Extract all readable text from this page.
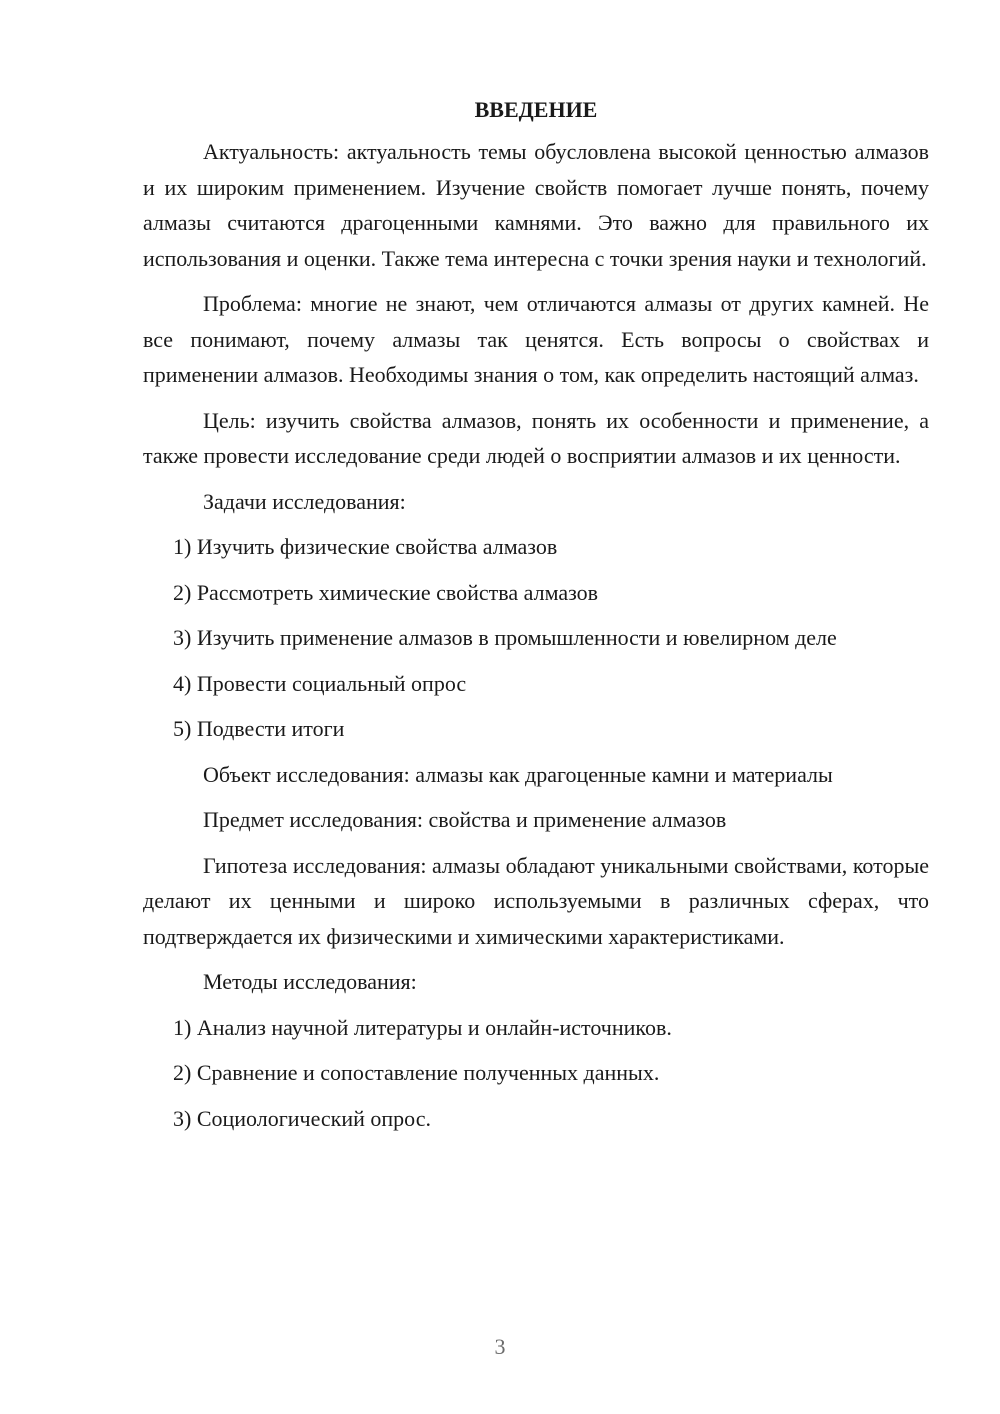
ВВЕДЕНИЕ

Актуальность: актуальность темы обусловлена высокой ценностью алмазов и их широким применением. Изучение свойств помогает лучше понять, почему алмазы считаются драгоценными камнями. Это важно для правильного их использования и оценки. Также тема интересна с точки зрения науки и технологий.

Проблема: многие не знают, чем отличаются алмазы от других камней. Не все понимают, почему алмазы так ценятся. Есть вопросы о свойствах и применении алмазов. Необходимы знания о том, как определить настоящий алмаз.

Цель: изучить свойства алмазов, понять их особенности и применение, а также провести исследование среди людей о восприятии алмазов и их ценности.

Задачи исследования:
1) Изучить физические свойства алмазов
2) Рассмотреть химические свойства алмазов
3) Изучить применение алмазов в промышленности и ювелирном деле
4) Провести социальный опрос
5) Подвести итоги
Объект исследования: алмазы как драгоценные камни и материалы
Предмет исследования: свойства и применение алмазов

Гипотеза исследования: алмазы обладают уникальными свойствами, которые делают их ценными и широко используемыми в различных сферах, что подтверждается их физическими и химическими характеристиками.

Методы исследования:
1) Анализ научной литературы и онлайн-источников.
2) Сравнение и сопоставление полученных данных.
3) Социологический опрос.
3
